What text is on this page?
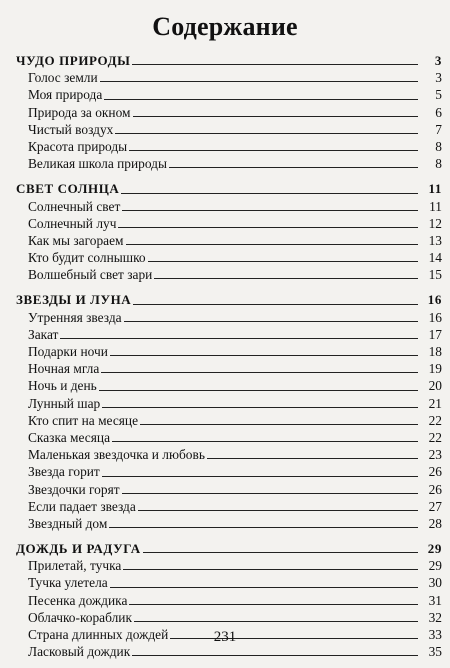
Содержание
ЧУДО ПРИРОДЫ	3
Голос земли	3
Моя природа	5
Природа за окном	6
Чистый воздух	7
Красота природы	8
Великая школа природы	8
СВЕТ СОЛНЦА	11
Солнечный свет	11
Солнечный луч	12
Как мы загораем	13
Кто будит солнышко	14
Волшебный свет зари	15
ЗВЕЗДЫ И ЛУНА	16
Утренняя звезда	16
Закат	17
Подарки ночи	18
Ночная мгла	19
Ночь и день	20
Лунный шар	21
Кто спит на месяце	22
Сказка месяца	22
Маленькая звездочка и любовь	23
Звезда горит	26
Звездочки горят	26
Если падает звезда	27
Звездный дом	28
ДОЖДЬ И РАДУГА	29
Прилетай, тучка	29
Тучка улетела	30
Песенка дождика	31
Облачко-кораблик	32
Страна длинных дождей	33
Ласковый дождик	35
231
